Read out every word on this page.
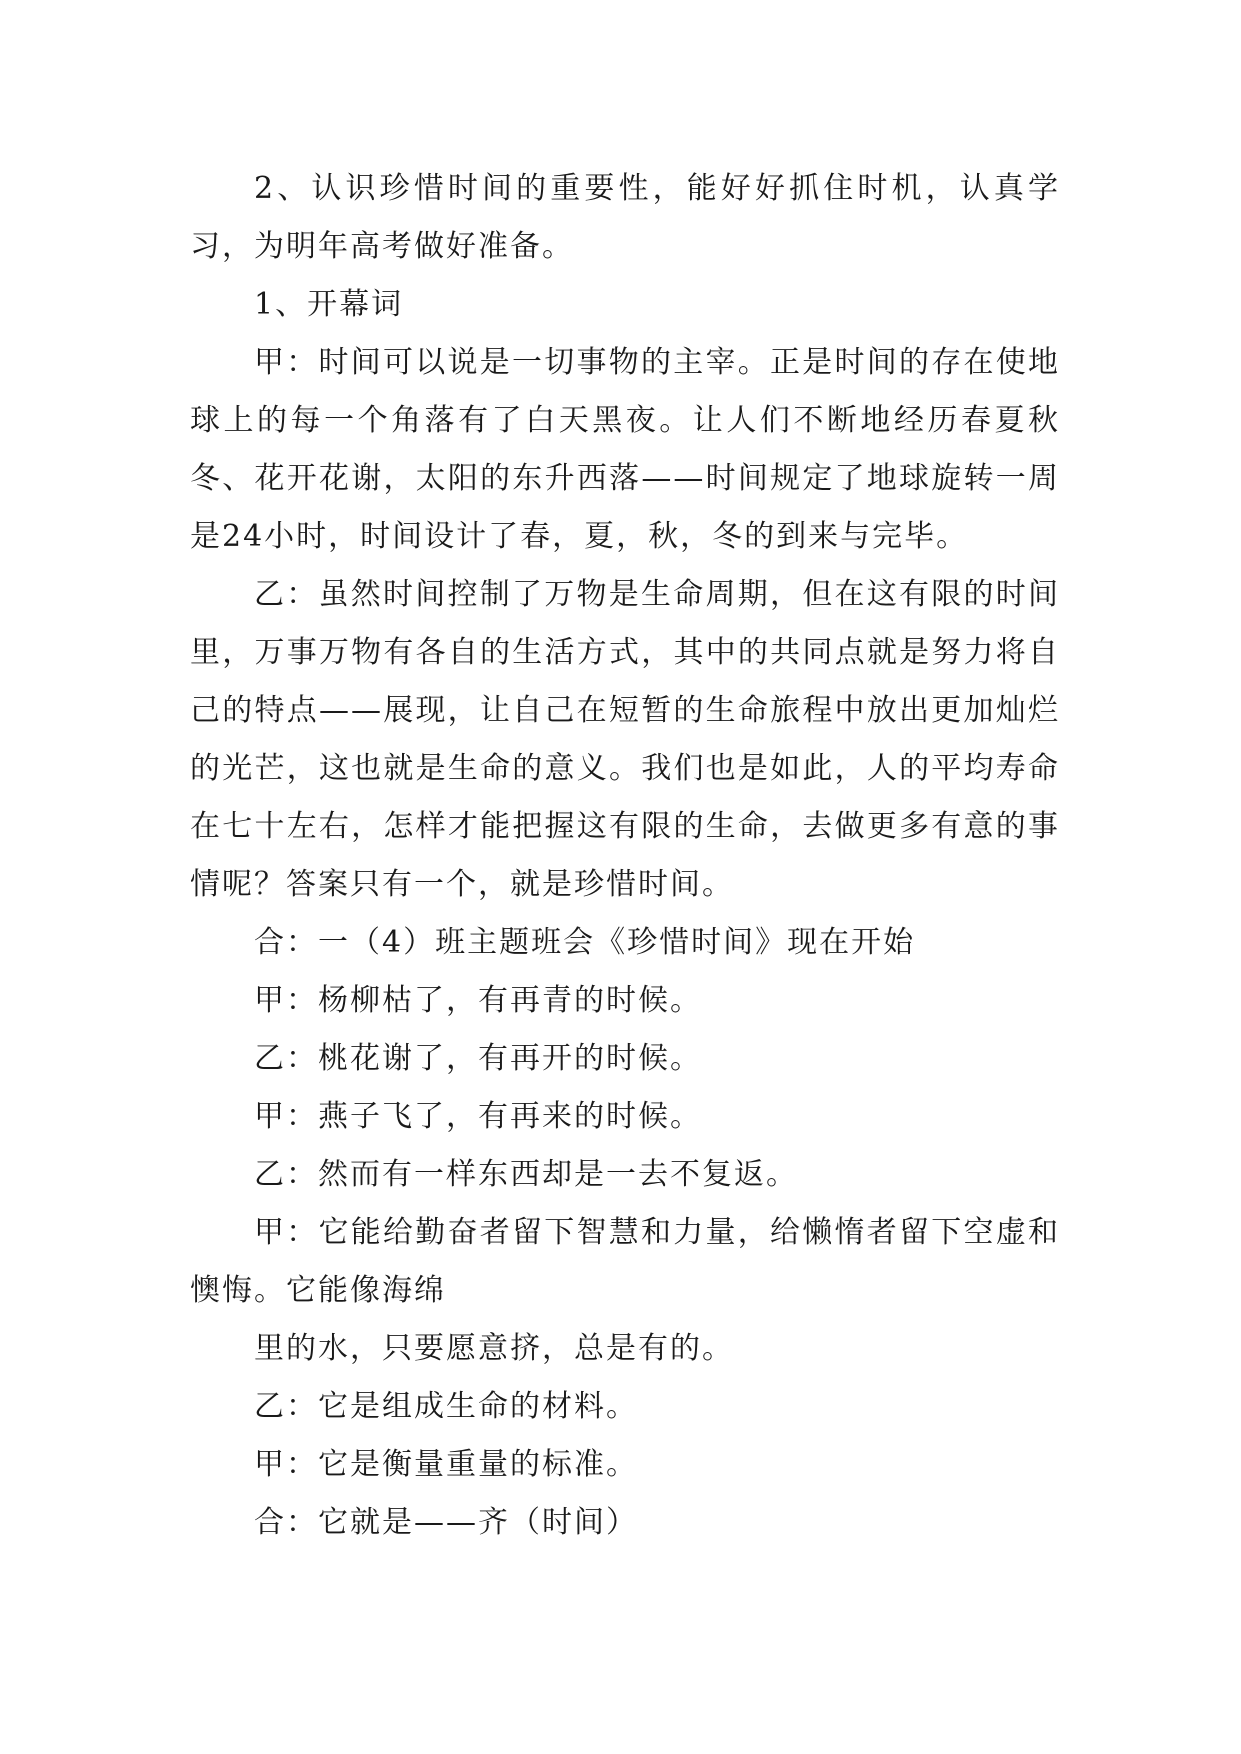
2、认识珍惜时间的重要性，能好好抓住时机，认真学习，为明年高考做好准备。

1、开幕词

甲：时间可以说是一切事物的主宰。正是时间的存在使地球上的每一个角落有了白天黑夜。让人们不断地经历春夏秋冬、花开花谢，太阳的东升西落——时间规定了地球旋转一周是24小时，时间设计了春，夏，秋，冬的到来与完毕。

乙：虽然时间控制了万物是生命周期，但在这有限的时间里，万事万物有各自的生活方式，其中的共同点就是努力将自己的特点——展现，让自己在短暂的生命旅程中放出更加灿烂的光芒，这也就是生命的意义。我们也是如此，人的平均寿命在七十左右，怎样才能把握这有限的生命，去做更多有意的事情呢？答案只有一个，就是珍惜时间。

合：一（4）班主题班会《珍惜时间》现在开始

甲：杨柳枯了，有再青的时候。

乙：桃花谢了，有再开的时候。

甲：燕子飞了，有再来的时候。

乙：然而有一样东西却是一去不复返。

甲：它能给勤奋者留下智慧和力量，给懒惰者留下空虚和懊悔。它能像海绵

里的水，只要愿意挤，总是有的。

乙：它是组成生命的材料。

甲：它是衡量重量的标准。

合：它就是——齐（时间）
